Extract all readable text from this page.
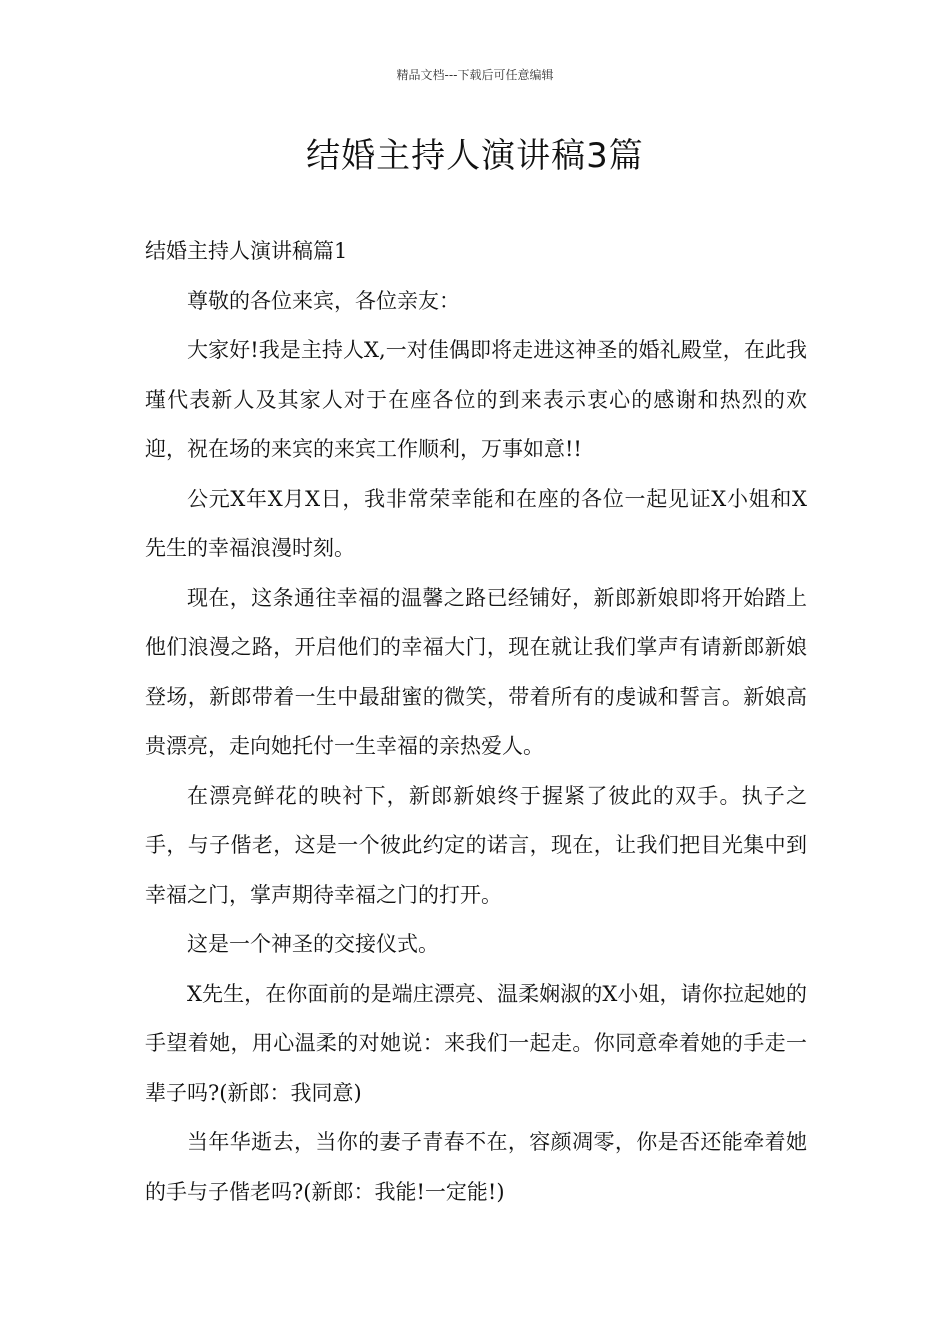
精品文档---下载后可任意编辑
结婚主持人演讲稿3篇

结婚主持人演讲稿篇1

尊敬的各位来宾，各位亲友：

大家好!我是主持人X,一对佳偶即将走进这神圣的婚礼殿堂，在此我瑾代表新人及其家人对于在座各位的到来表示衷心的感谢和热烈的欢迎，祝在场的来宾的来宾工作顺利，万事如意!!

公元X年X月X日，我非常荣幸能和在座的各位一起见证X小姐和X先生的幸福浪漫时刻。

现在，这条通往幸福的温馨之路已经铺好，新郎新娘即将开始踏上他们浪漫之路，开启他们的幸福大门，现在就让我们掌声有请新郎新娘登场，新郎带着一生中最甜蜜的微笑，带着所有的虔诚和誓言。新娘高贵漂亮，走向她托付一生幸福的亲热爱人。

在漂亮鲜花的映衬下，新郎新娘终于握紧了彼此的双手。执子之手，与子偕老，这是一个彼此约定的诺言，现在，让我们把目光集中到幸福之门，掌声期待幸福之门的打开。

这是一个神圣的交接仪式。

X先生，在你面前的是端庄漂亮、温柔娴淑的X小姐，请你拉起她的手望着她，用心温柔的对她说：来我们一起走。你同意牵着她的手走一辈子吗?(新郎：我同意)

当年华逝去，当你的妻子青春不在，容颜凋零，你是否还能牵着她的手与子偕老吗?(新郎：我能!一定能!)
